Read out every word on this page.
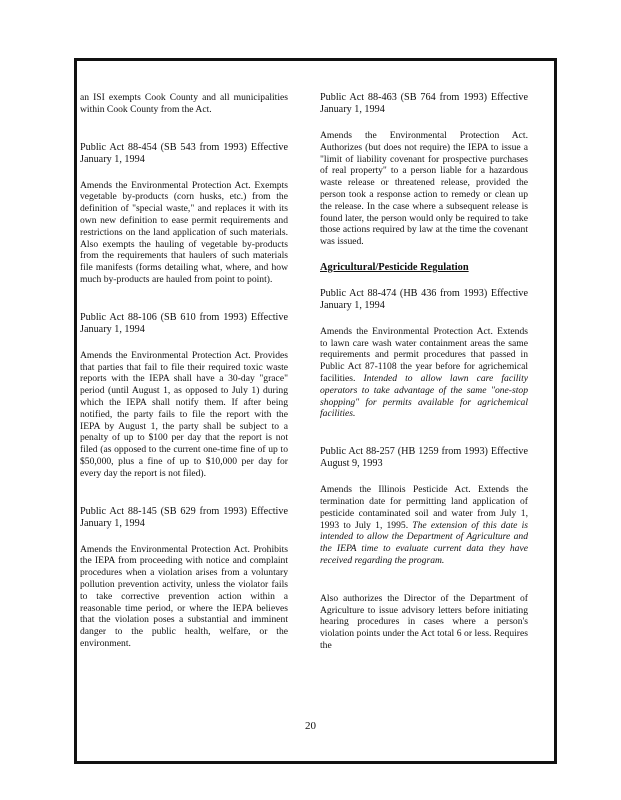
an ISI exempts Cook County and all municipalities within Cook County from the Act.

Public Act 88-454 (SB 543 from 1993) Effective January 1, 1994

Amends the Environmental Protection Act. Exempts vegetable by-products (corn husks, etc.) from the definition of "special waste," and replaces it with its own new definition to ease permit requirements and restrictions on the land application of such materials. Also exempts the hauling of vegetable by-products from the requirements that haulers of such materials file manifests (forms detailing what, where, and how much by-products are hauled from point to point).

Public Act 88-106 (SB 610 from 1993) Effective January 1, 1994

Amends the Environmental Protection Act. Provides that parties that fail to file their required toxic waste reports with the IEPA shall have a 30-day "grace" period (until August 1, as opposed to July 1) during which the IEPA shall notify them. If after being notified, the party fails to file the report with the IEPA by August 1, the party shall be subject to a penalty of up to $100 per day that the report is not filed (as opposed to the current one-time fine of up to $50,000, plus a fine of up to $10,000 per day for every day the report is not filed).

Public Act 88-145 (SB 629 from 1993) Effective January 1, 1994

Amends the Environmental Protection Act. Prohibits the IEPA from proceeding with notice and complaint procedures when a violation arises from a voluntary pollution prevention activity, unless the violator fails to take corrective prevention action within a reasonable time period, or where the IEPA believes that the violation poses a substantial and imminent danger to the public health, welfare, or the environment.

Public Act 88-463 (SB 764 from 1993) Effective January 1, 1994

Amends the Environmental Protection Act. Authorizes (but does not require) the IEPA to issue a "limit of liability covenant for prospective purchases of real property" to a person liable for a hazardous waste release or threatened release, provided the person took a response action to remedy or clean up the release. In the case where a subsequent release is found later, the person would only be required to take those actions required by law at the time the covenant was issued.

Agricultural/Pesticide Regulation

Public Act 88-474 (HB 436 from 1993) Effective January 1, 1994

Amends the Environmental Protection Act. Extends to lawn care wash water containment areas the same requirements and permit procedures that passed in Public Act 87-1108 the year before for agrichemical facilities. Intended to allow lawn care facility operators to take advantage of the same "one-stop shopping" for permits available for agrichemical facilities.

Public Act 88-257 (HB 1259 from 1993) Effective August 9, 1993

Amends the Illinois Pesticide Act. Extends the termination date for permitting land application of pesticide contaminated soil and water from July 1, 1993 to July 1, 1995. The extension of this date is intended to allow the Department of Agriculture and the IEPA time to evaluate current data they have received regarding the program.

Also authorizes the Director of the Department of Agriculture to issue advisory letters before initiating hearing procedures in cases where a person's violation points under the Act total 6 or less. Requires the

20
